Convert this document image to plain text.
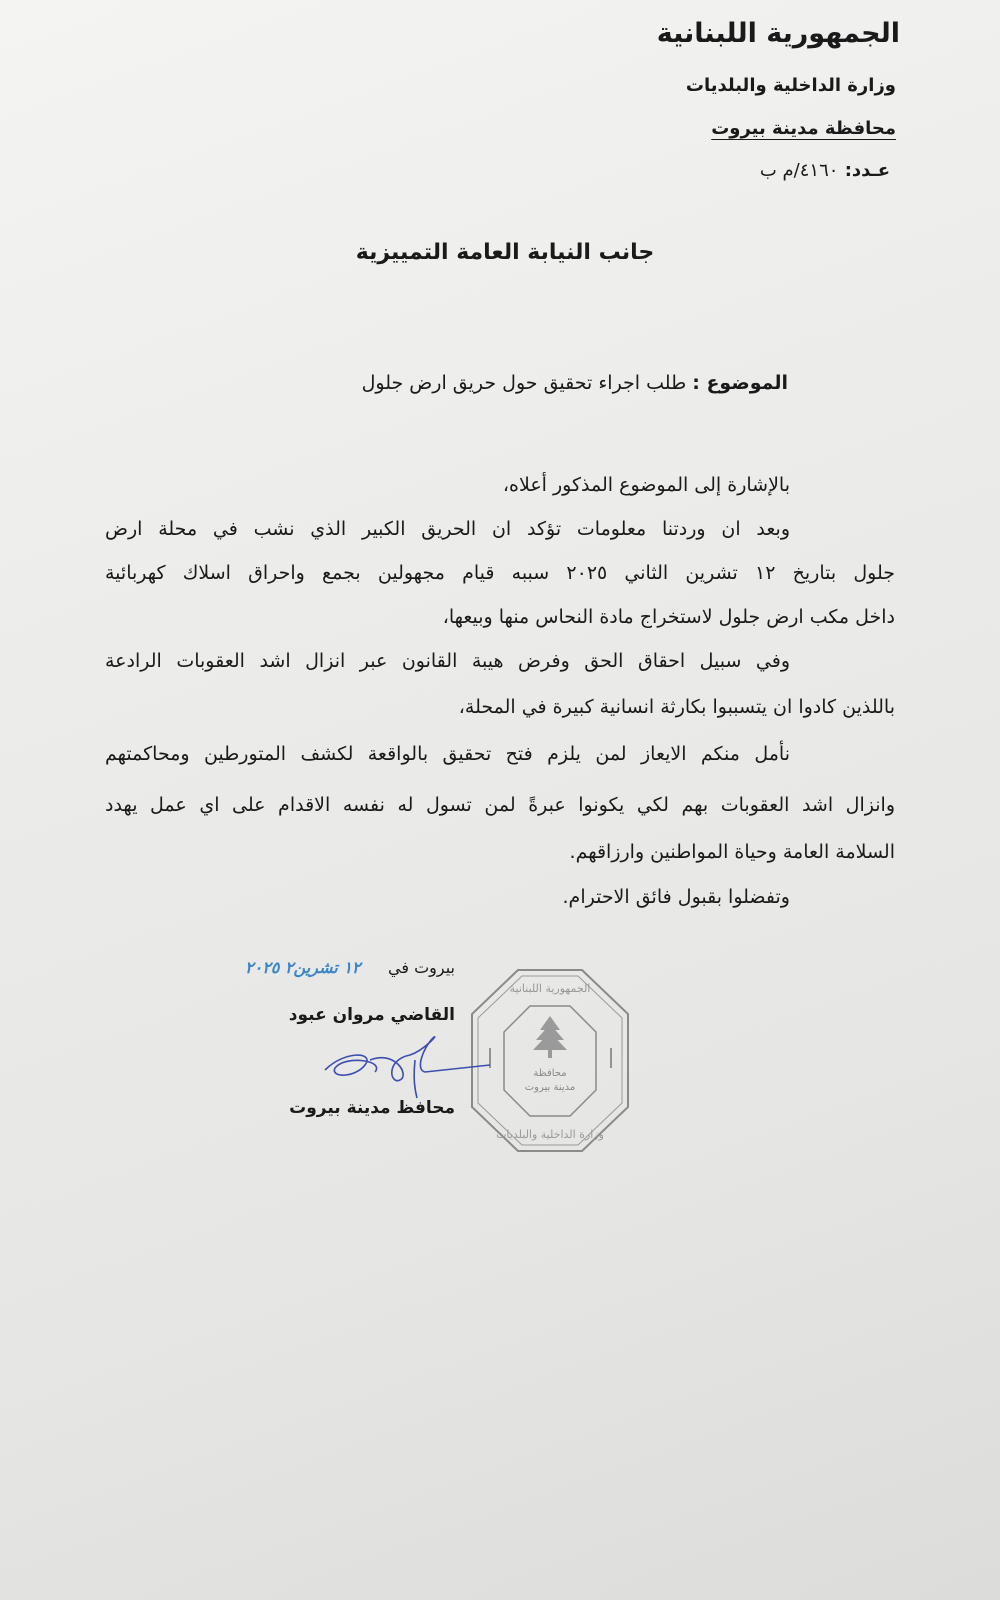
الجمهورية اللبنانية
وزارة الداخلية والبلديات
محافظة مدينة بيروت
عـدد: ٤١٦٠/م ب
جانب النيابة العامة التمييزية
الموضوع : طلب اجراء تحقيق حول حريق ارض جلول
بالإشارة إلى الموضوع المذكور أعلاه،
وبعد ان وردتنا معلومات تؤكد ان الحريق الكبير الذي نشب في محلة ارض
جلول بتاريخ ١٢ تشرين الثاني ٢٠٢٥ سببه قيام مجهولين بجمع واحراق اسلاك كهربائية
داخل مكب ارض جلول لاستخراج مادة النحاس منها وبيعها،
وفي سبيل احقاق الحق وفرض هيبة القانون عبر انزال اشد العقوبات الرادعة
باللذين كادوا ان يتسببوا بكارثة انسانية كبيرة في المحلة،
نأمل منكم الايعاز لمن يلزم فتح تحقيق بالواقعة لكشف المتورطين ومحاكمتهم
وانزال اشد العقوبات بهم لكي يكونوا عبرةً لمن تسول له نفسه الاقدام على اي عمل يهدد
السلامة العامة وحياة المواطنين وارزاقهم.
وتفضلوا بقبول فائق الاحترام.
محافظة
مدينة بيروت
الجمهورية اللبنانية
وزارة الداخلية والبلديات
بيروت في
١٢ تشرين٢ ٢٠٢٥
القاضي مروان عبود
محافظ مدينة بيروت
